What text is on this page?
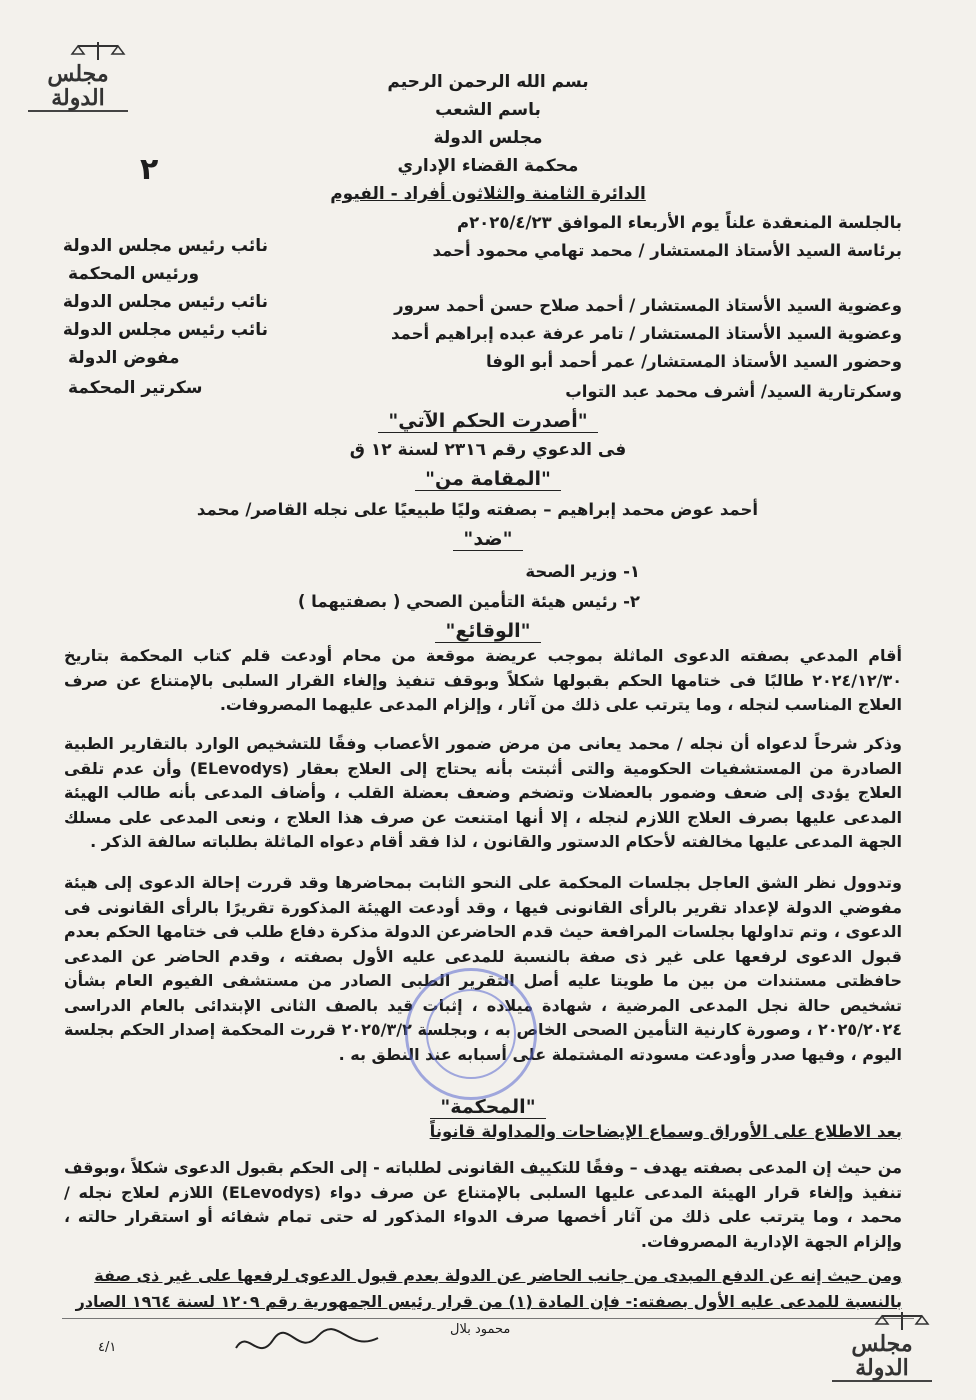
مجلس الدولة
بسم الله الرحمن الرحيم
باسم الشعب
مجلس الدولة
محكمة القضاء الإداري
الدائرة الثامنة والثلاثون أفراد - الفيوم
٢
بالجلسة المنعقدة علناً يوم الأربعاء الموافق ٢٠٢٥/٤/٢٣م
برئاسة السيد الأستاذ المستشار / محمد تهامي محمود أحمد
نائب رئيس مجلس الدولة
ورئيس المحكمة
وعضوية السيد الأستاذ المستشار / أحمد صلاح حسن أحمد سرور
نائب رئيس مجلس الدولة
وعضوية السيد الأستاذ المستشار / تامر عرفة عبده إبراهيم أحمد
نائب رئيس مجلس الدولة
وحضور السيد الأستاذ المستشار/ عمر أحمد أبو الوفا
مفوض الدولة
وسكرتارية السيد/ أشرف محمد عبد التواب
سكرتير المحكمة
"أصدرت الحكم الآتي"
فى الدعوي رقم ٢٣١٦ لسنة ١٢ ق
"المقامة من"
أحمد عوض محمد إبراهيم – بصفته وليًا طبيعيًا على نجله القاصر/ محمد
"ضد"
١- وزير الصحة
٢- رئيس هيئة التأمين الصحي ( بصفتيهما )
"الوقائع"
أقام المدعي بصفته الدعوى الماثلة بموجب عريضة موقعة من محام أودعت قلم كتاب المحكمة بتاريخ ٢٠٢٤/١٢/٣٠ طالبًا فى ختامها الحكم بقبولها شكلاً وبوقف تنفيذ وإلغاء القرار السلبى بالإمتناع عن صرف العلاج المناسب لنجله ، وما يترتب على ذلك من آثار ، وإلزام المدعى عليهما المصروفات.
وذكر شرحاً لدعواه أن نجله / محمد يعانى من مرض ضمور الأعصاب وفقًا للتشخيص الوارد بالتقارير الطبية الصادرة من المستشفيات الحكومية والتى أثبتت بأنه يحتاج إلى العلاج بعقار (ELevodys) وأن عدم تلقى العلاج يؤدى إلى ضعف وضمور بالعضلات وتضخم وضعف بعضلة القلب ، وأضاف المدعى بأنه طالب الهيئة المدعى عليها بصرف العلاج اللازم لنجله ، إلا أنها امتنعت عن صرف هذا العلاج ، ونعى المدعى على مسلك الجهة المدعى عليها مخالفته لأحكام الدستور والقانون ، لذا فقد أقام دعواه الماثلة بطلباته سالفة الذكر .
وتدوول نظر الشق العاجل بجلسات المحكمة على النحو الثابت بمحاضرها وقد قررت إحالة الدعوى إلى هيئة مفوضي الدولة لإعداد تقرير بالرأى القانونى فيها ، وقد أودعت الهيئة المذكورة تقريرًا بالرأى القانونى فى الدعوى ، وتم تداولها بجلسات المرافعة حيث قدم الحاضرعن الدولة مذكرة دفاع طلب فى ختامها الحكم بعدم قبول الدعوى لرفعها على غير ذى صفة بالنسبة للمدعى عليه الأول بصفته ، وقدم الحاضر عن المدعى حافظتى مستندات من بين ما طويتا عليه أصل التقرير الطبى الصادر من مستشفى الفيوم العام بشأن تشخيص حالة نجل المدعى المرضية ، شهادة ميلاده ، إثبات قيد بالصف الثانى الإبتدائى بالعام الدراسى ٢٠٢٥/٢٠٢٤ ، وصورة كارنية التأمين الصحى الخاص به ، وبجلسة ٢٠٢٥/٣/٢ قررت المحكمة إصدار الحكم بجلسة اليوم ، وفيها صدر وأودعت مسودته المشتملة على أسبابه عند النطق به .
"المحكمة"
بعد الاطلاع على الأوراق وسماع الإيضاحات والمداولة قانوناً
من حيث إن المدعى بصفته يهدف – وفقًا للتكييف القانونى لطلباته - إلى الحكم بقبول الدعوى شكلاً ،وبوقف تنفيذ وإلغاء قرار الهيئة المدعى عليها السلبى بالإمتناع عن صرف دواء (ELevodys) اللازم لعلاج نجله / محمد ، وما يترتب على ذلك من آثار أخصها صرف الدواء المذكور له حتى تمام شفائه أو استقرار حالته ، وإلزام الجهة الإدارية المصروفات.
ومن حيث إنه عن الدفع المبدى من جانب الحاضر عن الدولة بعدم قبول الدعوى لرفعها على غير ذى صفة
بالنسبة للمدعى عليه الأول بصفته:- فإن المادة (١) من قرار رئيس الجمهورية رقم ١٢٠٩ لسنة ١٩٦٤ الصادر
٤/١
محمود بلال
مجلس الدولة
